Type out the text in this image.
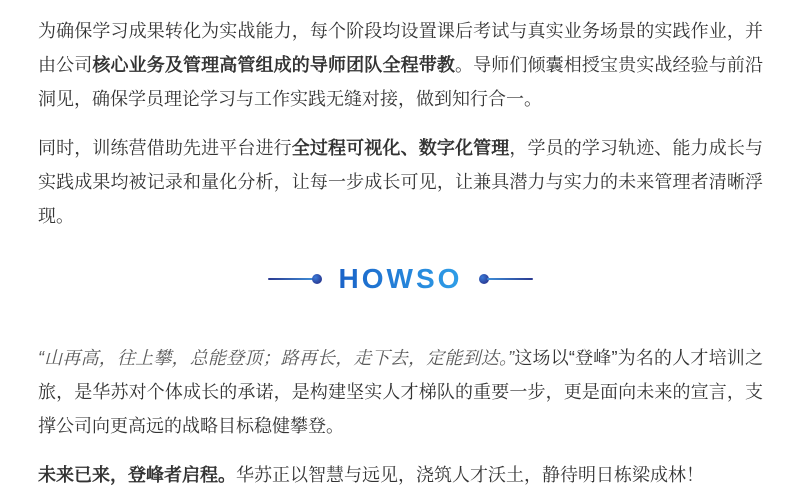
为确保学习成果转化为实战能力，每个阶段均设置课后考试与真实业务场景的实践作业，并由公司核心业务及管理高管组成的导师团队全程带教。导师们倾囊相授宝贵实战经验与前沿洞见，确保学员理论学习与工作实践无缝对接，做到知行合一。

同时，训练营借助先进平台进行全过程可视化、数字化管理，学员的学习轨迹、能力成长与实践成果均被记录和量化分析，让每一步成长可见，让兼具潜力与实力的未来管理者清晰浮现。

HOWSO

“山再高，往上攀，总能登顶；路再长，走下去，定能到达。”这场以“登峰”为名的人才培训之旅，是华苏对个体成长的承诺，是构建坚实人才梯队的重要一步，更是面向未来的宣言，支撑公司向更高远的战略目标稳健攀登。

未来已来，登峰者启程。华苏正以智慧与远见，浇筑人才沃土，静待明日栋梁成林！
